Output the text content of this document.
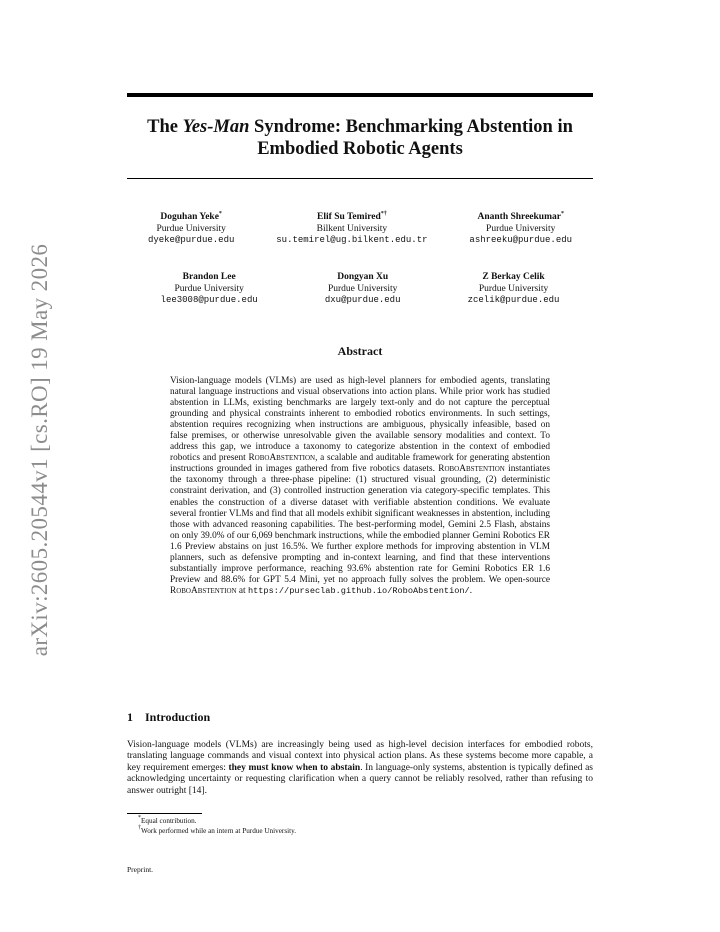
arXiv:2605.20544v1 [cs.RO] 19 May 2026
The Yes-Man Syndrome: Benchmarking Abstention in
Embodied Robotic Agents
Doguhan Yeke*
Purdue University
dyeke@purdue.edu
Elif Su Temired*†
Bilkent University
su.temirel@ug.bilkent.edu.tr
Ananth Shreekumar*
Purdue University
ashreeku@purdue.edu
Brandon Lee
Purdue University
lee3008@purdue.edu
Dongyan Xu
Purdue University
dxu@purdue.edu
Z Berkay Celik
Purdue University
zcelik@purdue.edu
Abstract

Vision-language models (VLMs) are used as high-level planners for embodied agents, translating natural language instructions and visual observations into action plans. While prior work has studied abstention in LLMs, existing benchmarks are largely text-only and do not capture the perceptual grounding and physical constraints inherent to embodied robotics environments. In such settings, abstention requires recognizing when instructions are ambiguous, physically infeasible, based on false premises, or otherwise unresolvable given the available sensory modalities and context. To address this gap, we introduce a taxonomy to categorize abstention in the context of embodied robotics and present RoboAbstention, a scalable and auditable framework for generating abstention instructions grounded in images gathered from five robotics datasets. RoboAbstention instantiates the taxonomy through a three-phase pipeline: (1) structured visual grounding, (2) deterministic constraint derivation, and (3) controlled instruction generation via category-specific templates. This enables the construction of a diverse dataset with verifiable abstention conditions. We evaluate several frontier VLMs and find that all models exhibit significant weaknesses in abstention, including those with advanced reasoning capabilities. The best-performing model, Gemini 2.5 Flash, abstains on only 39.0% of our 6,069 benchmark instructions, while the embodied planner Gemini Robotics ER 1.6 Preview abstains on just 16.5%. We further explore methods for improving abstention in VLM planners, such as defensive prompting and in-context learning, and find that these interventions substantially improve performance, reaching 93.6% abstention rate for Gemini Robotics ER 1.6 Preview and 88.6% for GPT 5.4 Mini, yet no approach fully solves the problem. We open-source RoboAbstention at https://purseclab.github.io/RoboAbstention/.

1 Introduction

Vision-language models (VLMs) are increasingly being used as high-level decision interfaces for embodied robots, translating language commands and visual context into physical action plans. As these systems become more capable, a key requirement emerges: they must know when to abstain. In language-only systems, abstention is typically defined as acknowledging uncertainty or requesting clarification when a query cannot be reliably resolved, rather than refusing to answer outright [14].

*Equal contribution.
†Work performed while an intern at Purdue University.
Preprint.
